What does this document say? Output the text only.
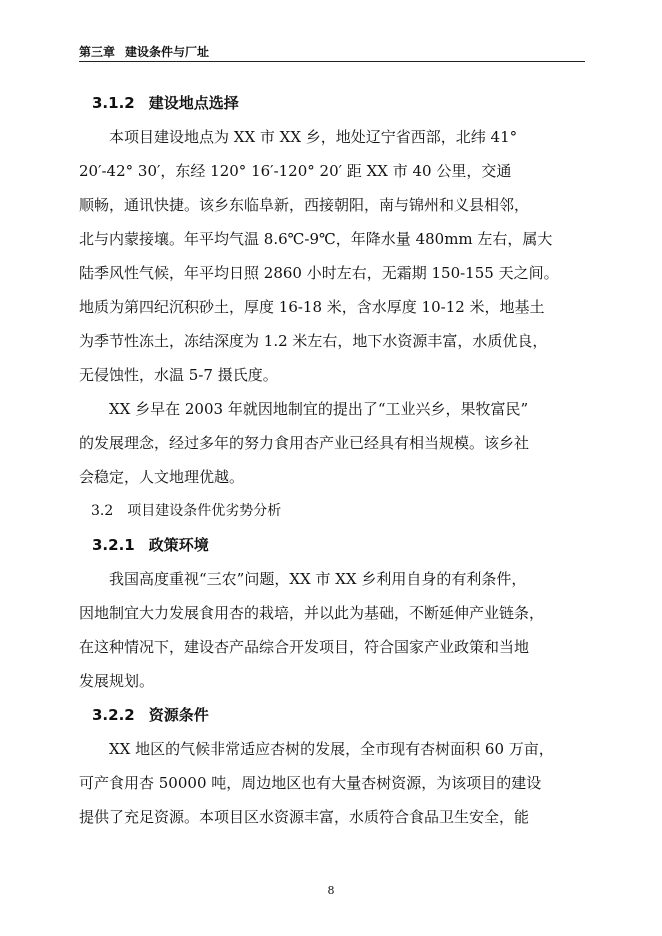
第三章 建设条件与厂址
3.1.2 建设地点选择
本项目建设地点为 XX 市 XX 乡，地处辽宁省西部，北纬 41°
20′-42° 30′，东经 120° 16′-120° 20′ 距 XX 市 40 公里，交通
顺畅，通讯快捷。该乡东临阜新，西接朝阳，南与锦州和义县相邻，
北与内蒙接壤。年平均气温 8.6℃-9℃，年降水量 480mm 左右，属大
陆季风性气候，年平均日照 2860 小时左右，无霜期 150-155 天之间。
地质为第四纪沉积砂土，厚度 16-18 米，含水厚度 10-12 米，地基土
为季节性冻土，冻结深度为 1.2 米左右，地下水资源丰富，水质优良，
无侵蚀性，水温 5-7 摄氏度。
XX 乡早在 2003 年就因地制宜的提出了“工业兴乡，果牧富民”
的发展理念，经过多年的努力食用杏产业已经具有相当规模。该乡社
会稳定，人文地理优越。
3.2 项目建设条件优劣势分析
3.2.1 政策环境
我国高度重视“三农”问题，XX 市 XX 乡利用自身的有利条件，
因地制宜大力发展食用杏的栽培，并以此为基础，不断延伸产业链条，
在这种情况下，建设杏产品综合开发项目，符合国家产业政策和当地
发展规划。
3.2.2 资源条件
XX 地区的气候非常适应杏树的发展，全市现有杏树面积 60 万亩，
可产食用杏 50000 吨，周边地区也有大量杏树资源，为该项目的建设
提供了充足资源。本项目区水资源丰富，水质符合食品卫生安全，能
8
